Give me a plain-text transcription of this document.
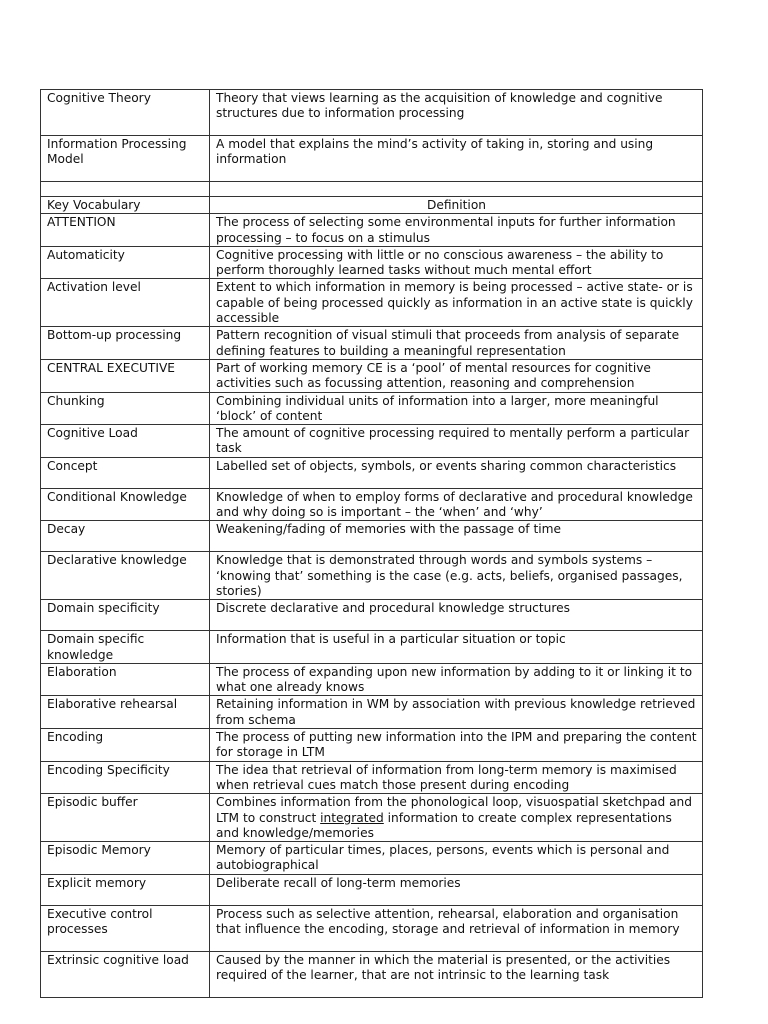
Cognitive Theory	Theory that views learning as the acquisition of knowledge and cognitive structures due to information processing
Information Processing Model	A model that explains the mind’s activity of taking in, storing and using information

Key Vocabulary	Definition
ATTENTION	The process of selecting some environmental inputs for further information processing – to focus on a stimulus
Automaticity	Cognitive processing with little or no conscious awareness – the ability to perform thoroughly learned tasks without much mental effort
Activation level	Extent to which information in memory is being processed – active state- or is capable of being processed quickly as information in an active state is quickly accessible
Bottom-up processing	Pattern recognition of visual stimuli that proceeds from analysis of separate defining features to building a meaningful representation
CENTRAL EXECUTIVE	Part of working memory CE is a ‘pool’ of mental resources for cognitive activities such as focussing attention, reasoning and comprehension
Chunking	Combining individual units of information into a larger, more meaningful ‘block’ of content
Cognitive Load	The amount of cognitive processing required to mentally perform a particular task
Concept	Labelled set of objects, symbols, or events sharing common characteristics
Conditional Knowledge	Knowledge of when to employ forms of declarative and procedural knowledge and why doing so is important – the ‘when’ and ‘why’
Decay	Weakening/fading of memories with the passage of time
Declarative knowledge	Knowledge that is demonstrated through words and symbols systems – ‘knowing that’ something is the case (e.g. acts, beliefs, organised passages, stories)
Domain specificity	Discrete declarative and procedural knowledge structures
Domain specific knowledge	Information that is useful in a particular situation or topic
Elaboration	The process of expanding upon new information by adding to it or linking it to what one already knows
Elaborative rehearsal	Retaining information in WM by association with previous knowledge retrieved from schema
Encoding	The process of putting new information into the IPM and preparing the content for storage in LTM
Encoding Specificity	The idea that retrieval of information from long-term memory is maximised when retrieval cues match those present during encoding
Episodic buffer	Combines information from the phonological loop, visuospatial sketchpad and LTM to construct integrated information to create complex representations and knowledge/memories
Episodic Memory	Memory of particular times, places, persons, events which is personal and autobiographical
Explicit memory	Deliberate recall of long-term memories
Executive control processes	Process such as selective attention, rehearsal, elaboration and organisation that influence the encoding, storage and retrieval of information in memory
Extrinsic cognitive load	Caused by the manner in which the material is presented, or the activities required of the learner, that are not intrinsic to the learning task
